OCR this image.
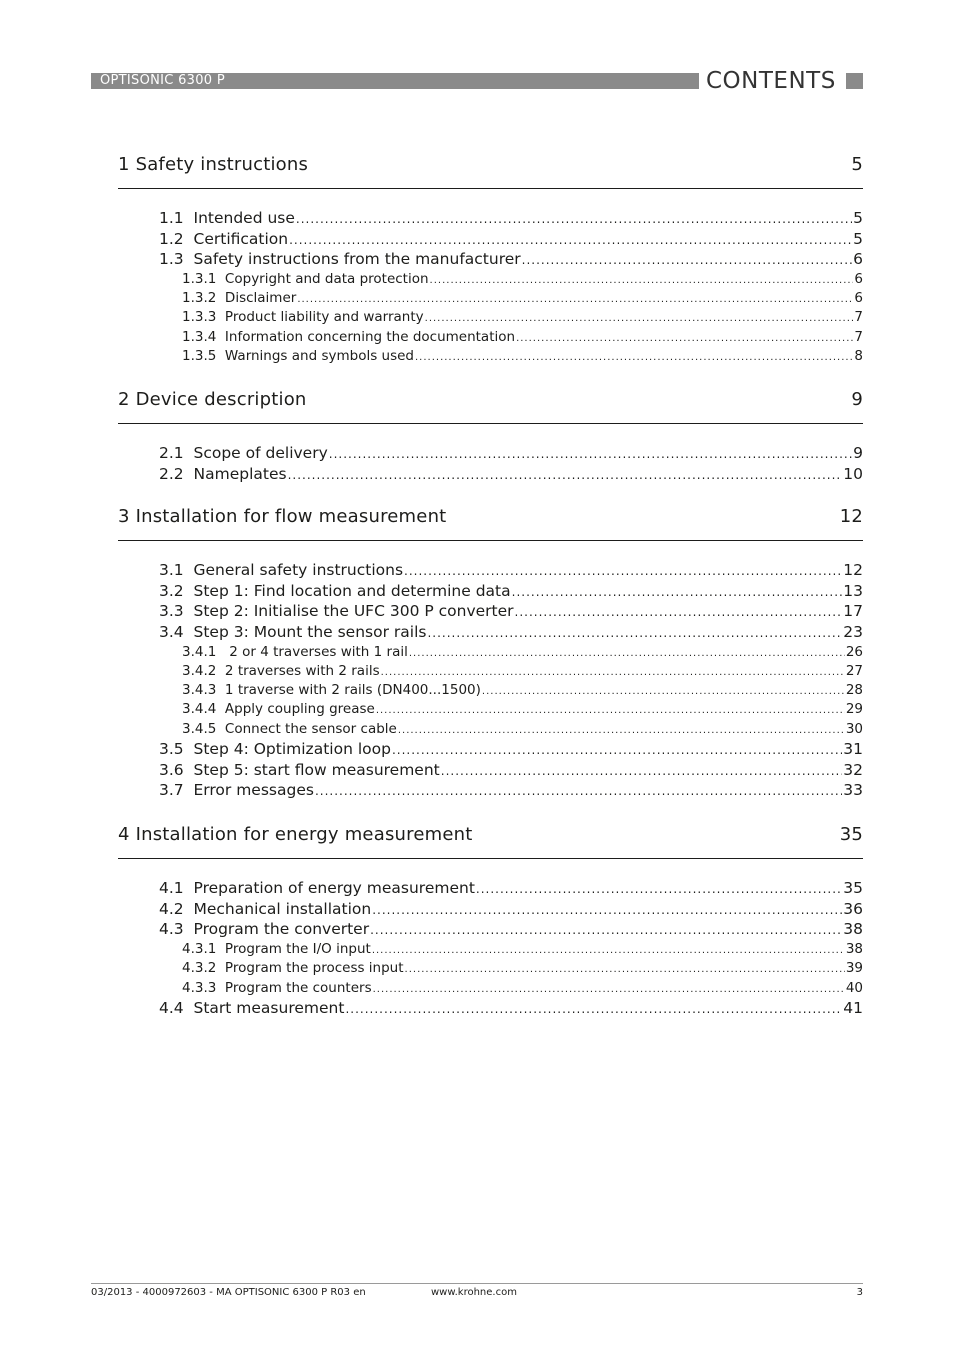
OPTISONIC 6300 P	CONTENTS
1 Safety instructions	5
1.1  Intended use .....	5
1.2  Certification .....	5
1.3  Safety instructions from the manufacturer .....	6
1.3.1  Copyright and data protection .....	6
1.3.2  Disclaimer .....	6
1.3.3  Product liability and warranty .....	7
1.3.4  Information concerning the documentation .....	7
1.3.5  Warnings and symbols used .....	8
2 Device description	9
2.1  Scope of delivery .....	9
2.2  Nameplates .....	10
3 Installation for flow measurement	12
3.1  General safety instructions .....	12
3.2  Step 1: Find location and determine data .....	13
3.3  Step 2: Initialise the UFC 300 P converter .....	17
3.4  Step 3: Mount the sensor rails .....	23
3.4.1   2 or 4 traverses with 1 rail .....	26
3.4.2  2 traverses with 2 rails .....	27
3.4.3  1 traverse with 2 rails (DN400...1500) .....	28
3.4.4  Apply coupling grease .....	29
3.4.5  Connect the sensor cable .....	30
3.5  Step 4: Optimization loop .....	31
3.6  Step 5: start flow measurement .....	32
3.7  Error messages .....	33
4 Installation for energy measurement	35
4.1  Preparation of energy measurement .....	35
4.2  Mechanical installation .....	36
4.3  Program the converter .....	38
4.3.1  Program the I/O input .....	38
4.3.2  Program the process input .....	39
4.3.3  Program the counters .....	40
4.4  Start measurement .....	41
03/2013 - 4000972603 - MA OPTISONIC 6300 P R03 en	www.krohne.com	3
